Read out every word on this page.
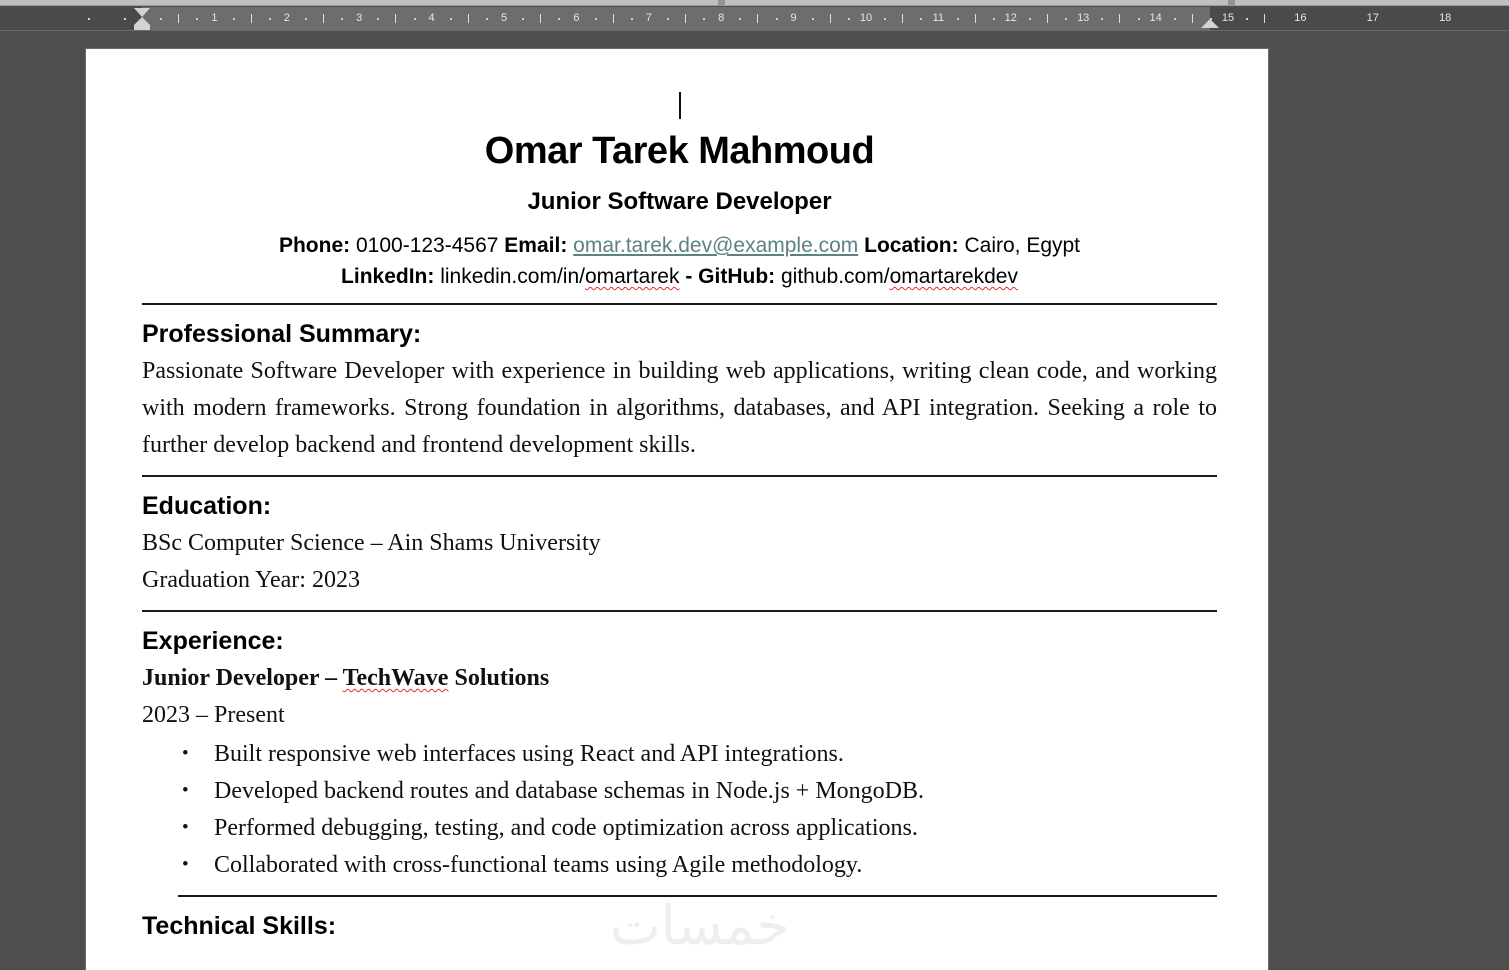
1	2	3	4	5	6	7	8	9	10	11	12	13	14	15	16	17	18
خمسات
Omar Tarek Mahmoud
Junior Software Developer

Phone: 0100-123-4567 Email: omar.tarek.dev@example.com Location: Cairo, Egypt

LinkedIn: linkedin.com/in/omartarek - GitHub: github.com/omartarekdev

Professional Summary:

Passionate Software Developer with experience in building web applications, writing clean code, and working with modern frameworks. Strong foundation in algorithms, databases, and API integration. Seeking a role to further develop backend and frontend development skills.

Education:

BSc Computer Science – Ain Shams University

Graduation Year: 2023

Experience:

Junior Developer – TechWave Solutions

2023 – Present

• Built responsive web interfaces using React and API integrations.
• Developed backend routes and database schemas in Node.js + MongoDB.
• Performed debugging, testing, and code optimization across applications.
• Collaborated with cross-functional teams using Agile methodology.
Technical Skills:
